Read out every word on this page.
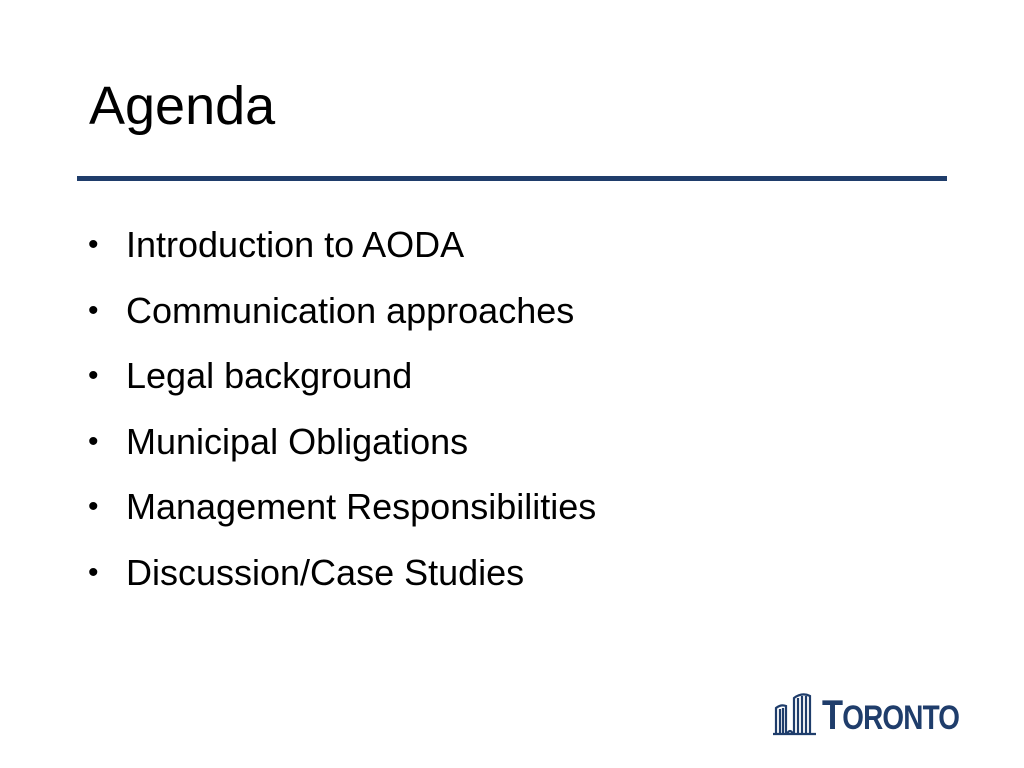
Agenda
• Introduction to AODA
• Communication approaches
• Legal background
• Municipal Obligations
• Management Responsibilities
• Discussion/Case Studies
TORONTO
